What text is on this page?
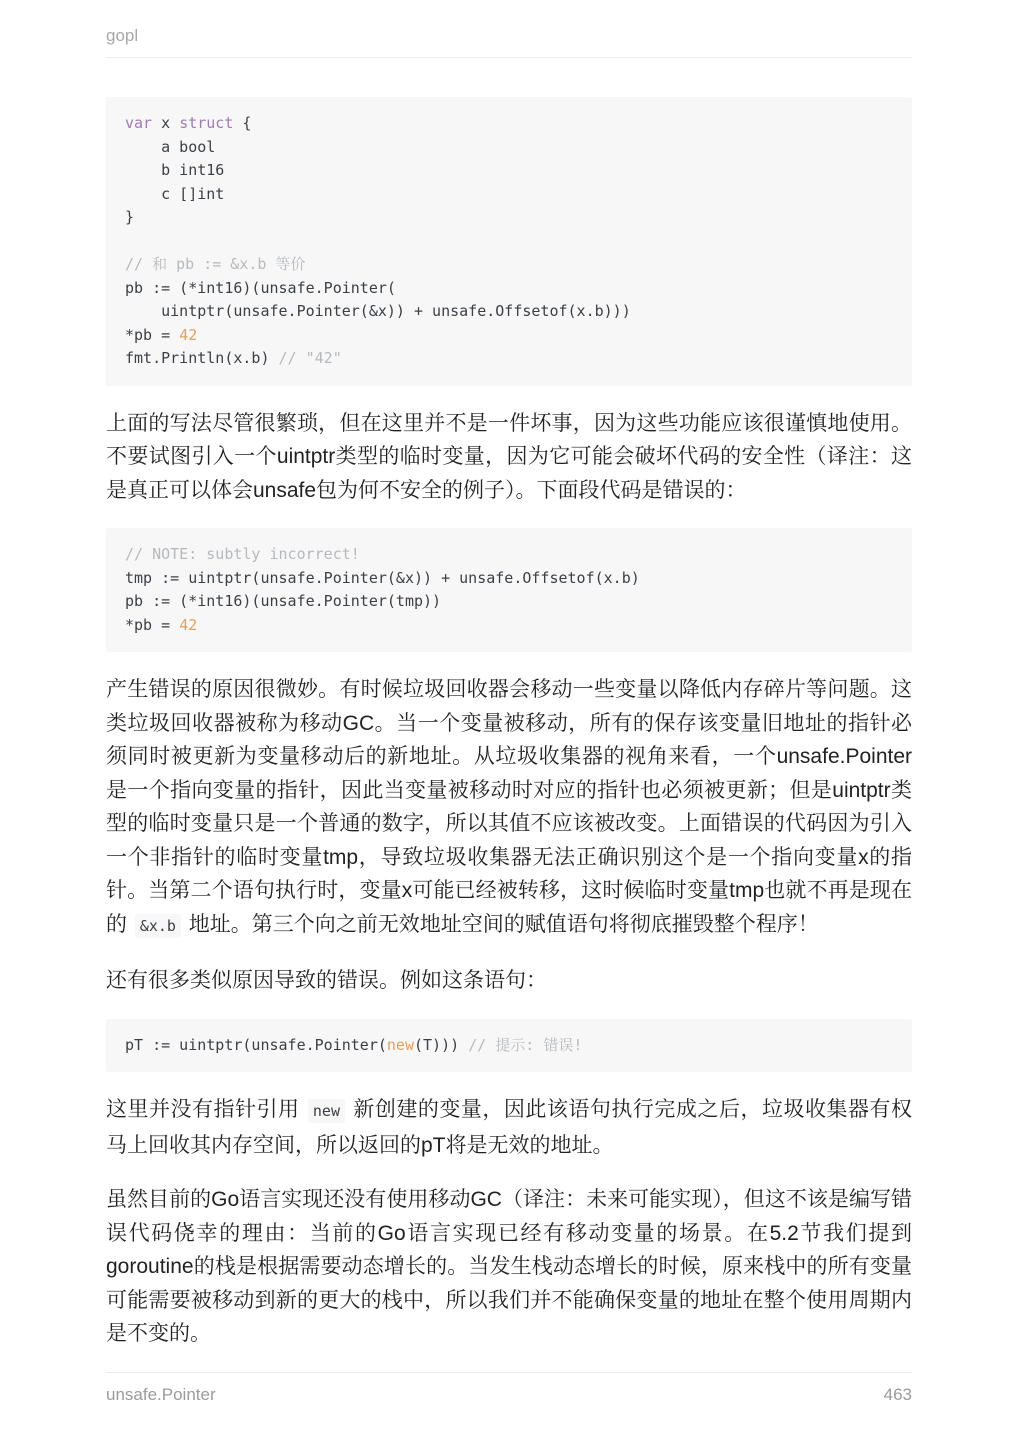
gopl
var x struct {
a bool
b int16
c []int
}

// 和 pb := &x.b 等价
pb := (*int16)(unsafe.Pointer(
uintptr(unsafe.Pointer(&x)) + unsafe.Offsetof(x.b)))
*pb = 42
fmt.Println(x.b) // "42"

上面的写法尽管很繁琐，但在这里并不是一件坏事，因为这些功能应该很谨慎地使用。不要试图引入一个uintptr类型的临时变量，因为它可能会破坏代码的安全性（译注：这是真正可以体会unsafe包为何不安全的例子）。下面段代码是错误的：

// NOTE: subtly incorrect!
tmp := uintptr(unsafe.Pointer(&x)) + unsafe.Offsetof(x.b)
pb := (*int16)(unsafe.Pointer(tmp))
*pb = 42

产生错误的原因很微妙。有时候垃圾回收器会移动一些变量以降低内存碎片等问题。这类垃圾回收器被称为移动GC。当一个变量被移动，所有的保存该变量旧地址的指针必须同时被更新为变量移动后的新地址。从垃圾收集器的视角来看，一个unsafe.Pointer是一个指向变量的指针，因此当变量被移动时对应的指针也必须被更新；但是uintptr类型的临时变量只是一个普通的数字，所以其值不应该被改变。上面错误的代码因为引入一个非指针的临时变量tmp，导致垃圾收集器无法正确识别这个是一个指向变量x的指针。当第二个语句执行时，变量x可能已经被转移，这时候临时变量tmp也就不再是现在的 &x.b 地址。第三个向之前无效地址空间的赋值语句将彻底摧毁整个程序！

还有很多类似原因导致的错误。例如这条语句：

pT := uintptr(unsafe.Pointer(new(T))) // 提示: 错误!

这里并没有指针引用 new 新创建的变量，因此该语句执行完成之后，垃圾收集器有权马上回收其内存空间，所以返回的pT将是无效的地址。

虽然目前的Go语言实现还没有使用移动GC（译注：未来可能实现），但这不该是编写错误代码侥幸的理由：当前的Go语言实现已经有移动变量的场景。在5.2节我们提到goroutine的栈是根据需要动态增长的。当发生栈动态增长的时候，原来栈中的所有变量可能需要被移动到新的更大的栈中，所以我们并不能确保变量的地址在整个使用周期内是不变的。

unsafe.Pointer	463
